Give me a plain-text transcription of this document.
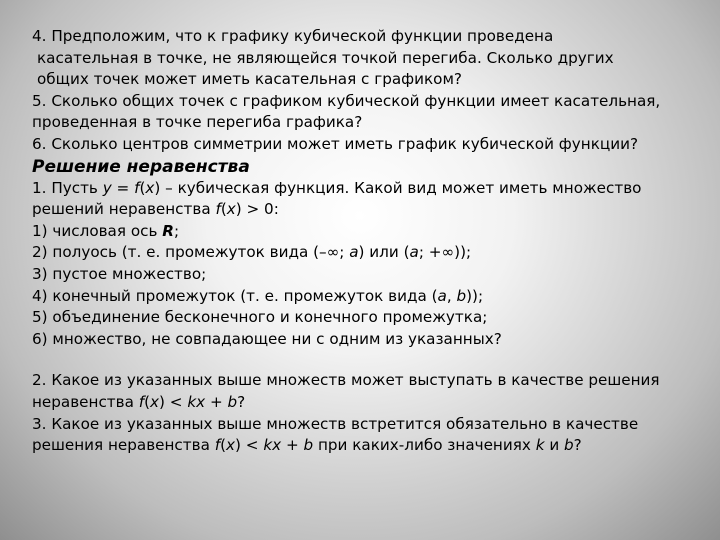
4. Предположим, что к графику кубической функции проведена
касательная в точке, не являющейся точкой перегиба. Сколько других
общих точек может иметь касательная с графиком?
5. Сколько общих точек с графиком кубической функции имеет касательная,
проведенная в точке перегиба графика?
6. Сколько центров симметрии может иметь график кубической функции?
Решение неравенства
1. Пусть y = f(x) – кубическая функция. Какой вид может иметь множество
решений неравенства f(x) > 0:
1) числовая ось R;
2) полуось (т. е. промежуток вида (–∞; a) или (a; +∞));
3) пустое множество;
4) конечный промежуток (т. е. промежуток вида (a, b));
5) объединение бесконечного и конечного промежутка;
6) множество, не совпадающее ни с одним из указанных?
2. Какое из указанных выше множеств может выступать в качестве решения
неравенства f(x) < kx + b?
3. Какое из указанных выше множеств встретится обязательно в качестве
решения неравенства f(x) < kx + b при каких-либо значениях k и b?
